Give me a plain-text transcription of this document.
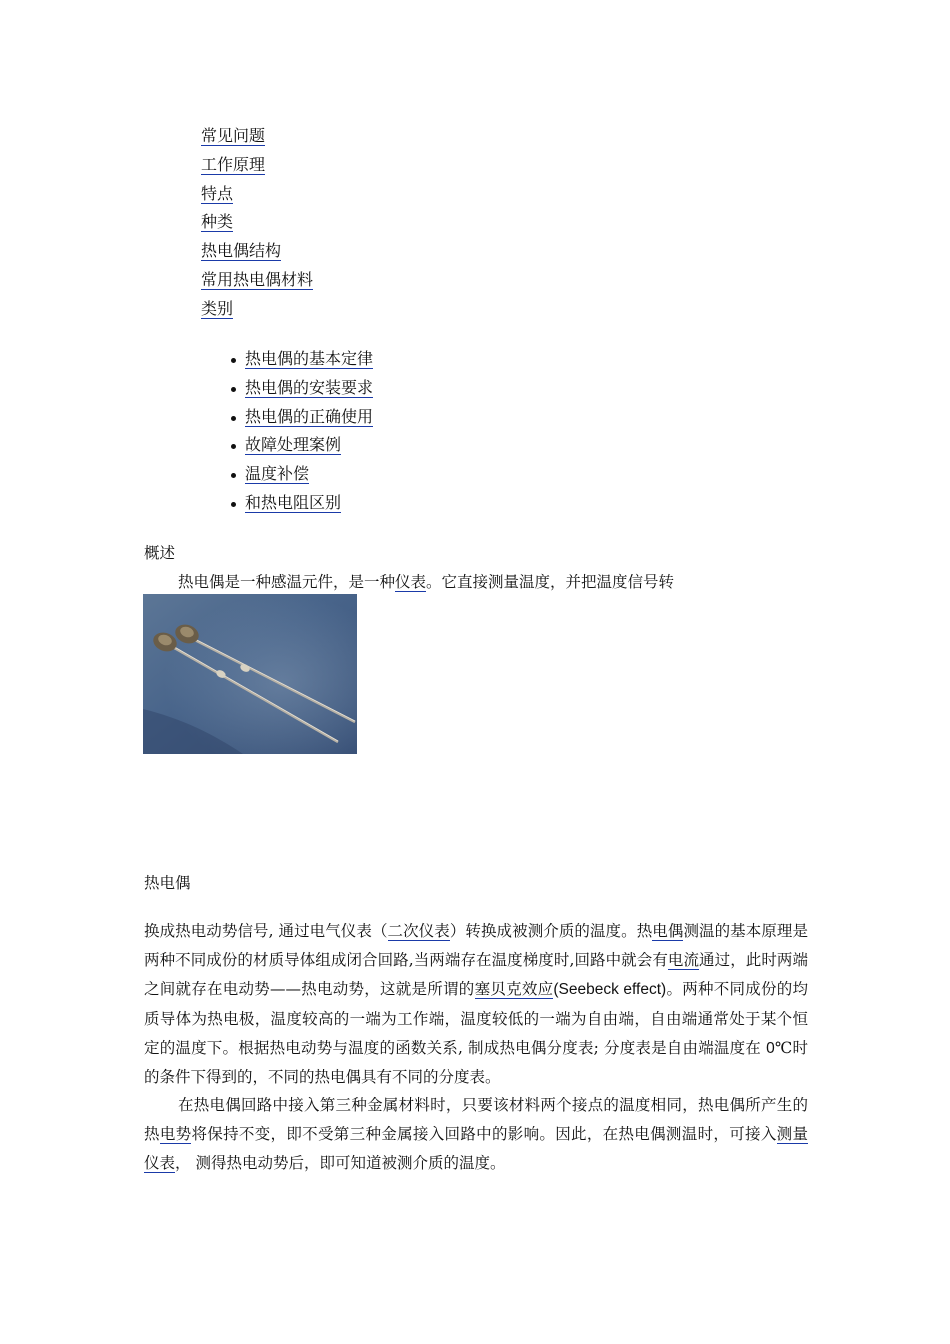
常见问题
工作原理
特点
种类
热电偶结构
常用热电偶材料
类别
热电偶的基本定律
热电偶的安装要求
热电偶的正确使用
故障处理案例
温度补偿
和热电阻区别
概述
热电偶是一种感温元件，是一种仪表。它直接测量温度，并把温度信号转
热电偶
换成热电动势信号, 通过电气仪表（二次仪表）转换成被测介质的温度。热电偶测温的基本原理是两种不同成份的材质导体组成闭合回路,当两端存在温度梯度时,回路中就会有电流通过，此时两端之间就存在电动势——热电动势，这就是所谓的塞贝克效应(Seebeck effect)。两种不同成份的均质导体为热电极，温度较高的一端为工作端，温度较低的一端为自由端，自由端通常处于某个恒定的温度下。根据热电动势与温度的函数关系, 制成热电偶分度表; 分度表是自由端温度在 0℃时的条件下得到的，不同的热电偶具有不同的分度表。
在热电偶回路中接入第三种金属材料时，只要该材料两个接点的温度相同，热电偶所产生的热电势将保持不变，即不受第三种金属接入回路中的影响。因此，在热电偶测温时，可接入测量仪表， 测得热电动势后，即可知道被测介质的温度。
